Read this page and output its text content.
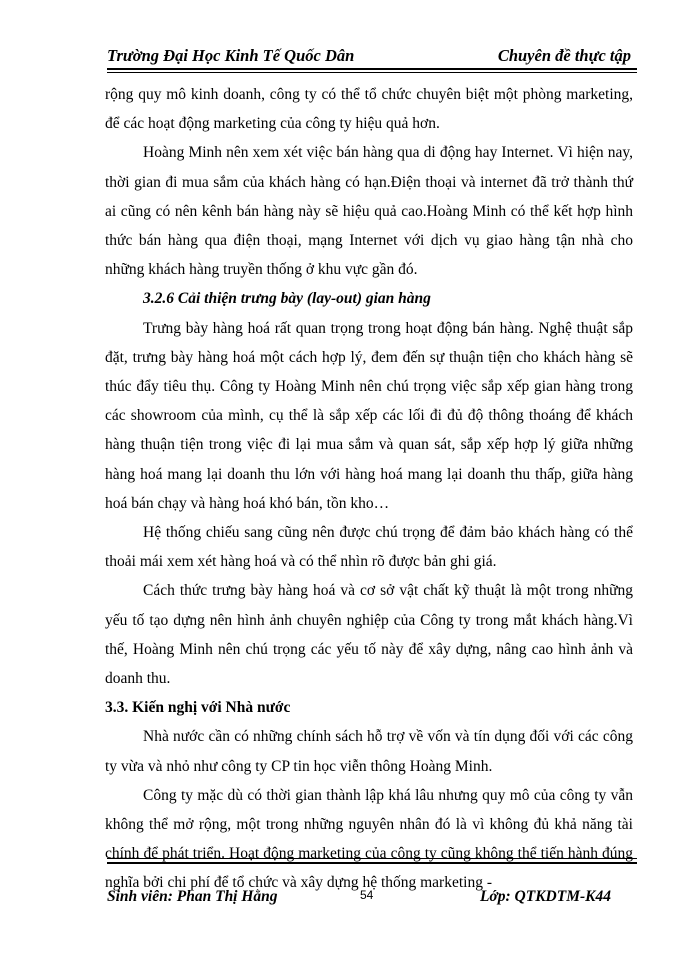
Trường Đại Học Kinh Tế Quốc Dân	Chuyên đề thực tập

rộng quy mô kinh doanh, công ty có thể tổ chức chuyên biệt một phòng marketing, để các hoạt động marketing của công ty hiệu quả hơn.

Hoàng Minh nên xem xét việc bán hàng qua di động hay Internet. Vì hiện nay, thời gian đi mua sắm của khách hàng có hạn.Điện thoại và internet đã trở thành thứ ai cũng có nên kênh bán hàng này sẽ hiệu quả cao.Hoàng Minh có thể kết hợp hình thức bán hàng qua điện thoại, mạng Internet với dịch vụ giao hàng tận nhà cho những khách hàng truyền thống ở khu vực gần đó.

3.2.6 Cải thiện trưng bày (lay-out) gian hàng

Trưng bày hàng hoá rất quan trọng trong hoạt động bán hàng. Nghệ thuật sắp đặt, trưng bày hàng hoá một cách hợp lý, đem đến sự thuận tiện cho khách hàng sẽ thúc đẩy tiêu thụ. Công ty Hoàng Minh nên chú trọng việc sắp xếp gian hàng trong các showroom của mình, cụ thể là sắp xếp các lối đi đủ độ thông thoáng để khách hàng thuận tiện trong việc đi lại mua sắm và quan sát, sắp xếp hợp lý giữa những hàng hoá mang lại doanh thu lớn với hàng hoá mang lại doanh thu thấp, giữa hàng hoá bán chạy và hàng hoá khó bán, tồn kho…

Hệ thống chiếu sang cũng nên được chú trọng để đảm bảo khách hàng có thể thoải mái xem xét hàng hoá và có thể nhìn rõ được bản ghi giá.

Cách thức trưng bày hàng hoá và cơ sở vật chất kỹ thuật là một trong những yếu tố tạo dựng nên hình ảnh chuyên nghiệp của Công ty trong mắt khách hàng.Vì thế, Hoàng Minh nên chú trọng các yếu tố này để xây dựng, nâng cao hình ảnh và doanh thu.

3.3. Kiến nghị với Nhà nước

Nhà nước cần có những chính sách hỗ trợ về vốn và tín dụng đối với các công ty vừa và nhỏ như công ty CP tin học viễn thông Hoàng Minh.

Công ty mặc dù có thời gian thành lập khá lâu nhưng quy mô của công ty vẫn không thể mở rộng, một trong những nguyên nhân đó là vì không đủ khả năng tài chính để phát triển. Hoạt động marketing của công ty cũng không thể tiến hành đúng nghĩa bởi chi phí để tổ chức và xây dựng hệ thống marketing -

Sinh viên: Phan Thị Hằng	Lớp: QTKDTM-K44
54
